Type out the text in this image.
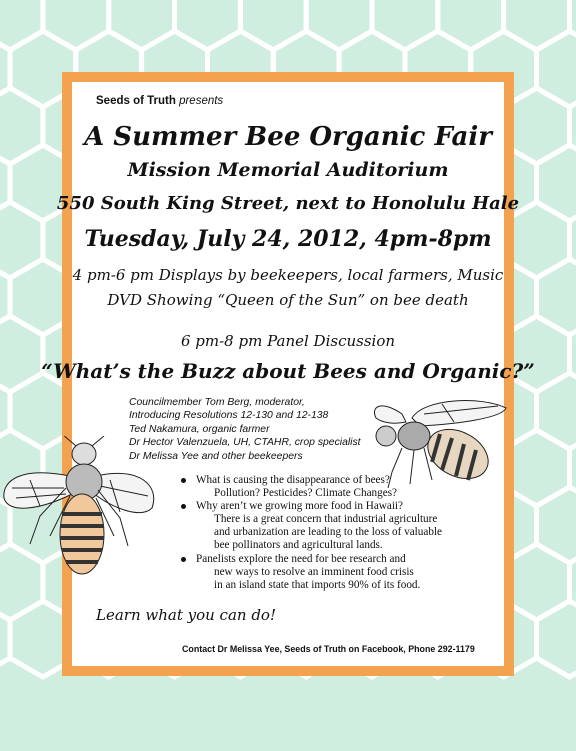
Seeds of Truth presents
A Summer Bee Organic Fair
Mission Memorial Auditorium
550 South King Street, next to Honolulu Hale
Tuesday, July 24, 2012, 4pm-8pm
4 pm-6 pm Displays by beekeepers, local farmers, Music
DVD Showing “Queen of the Sun” on bee death
6 pm-8 pm Panel Discussion
“What’s the Buzz about Bees and Organic?”
Councilmember Tom Berg, moderator,
Introducing Resolutions 12-130 and 12-138
Ted Nakamura, organic farmer
Dr Hector Valenzuela, UH, CTAHR, crop specialist
Dr Melissa Yee and other beekeepers
What is causing the disappearance of bees?
Pollution? Pesticides? Climate Changes?
Why aren’t we growing more food in Hawaii?
There is a great concern that industrial agriculture
and urbanization are leading to the loss of valuable
bee pollinators and agricultural lands.
Panelists explore the need for bee research and
new ways to resolve an imminent food crisis
in an island state that imports 90% of its food.
Learn what you can do!
Contact Dr Melissa Yee, Seeds of Truth on Facebook, Phone 292-1179
